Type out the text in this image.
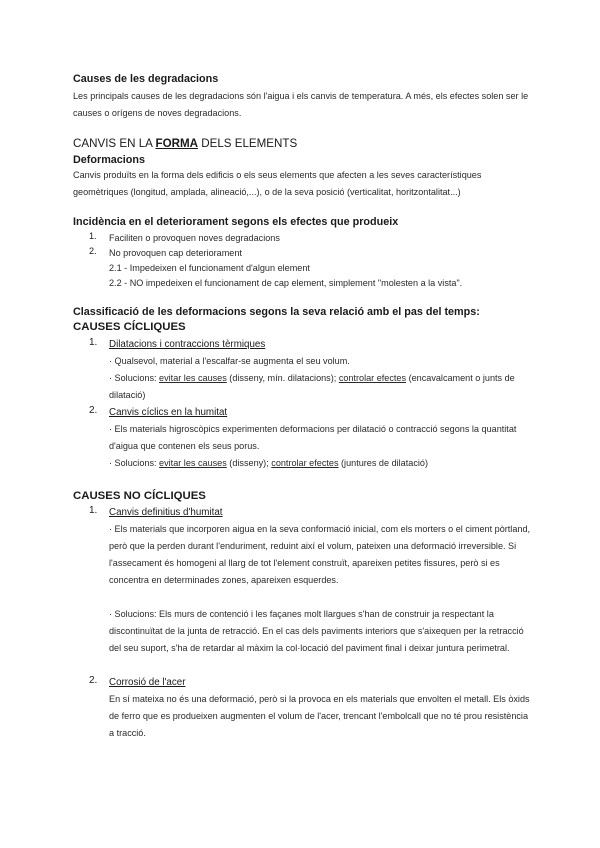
Causes de les degradacions
Les principals causes de les degradacions són l'aigua i els canvis de temperatura. A més, els efectes solen ser le causes o orígens de noves degradacions.
CANVIS EN LA FORMA DELS ELEMENTS
Deformacions
Canvis produïts en la forma dels edificis o els seus elements que afecten a les seves característiques geomètriques (longitud, amplada, alineació,...), o de la seva posició (verticalitat, horitzontalitat...)
Incidència en el deteriorament segons els efectes que produeix
1.	Faciliten o provoquen noves degradacions
2.	No provoquen cap deteriorament
2.1 - Impedeixen el funcionament d'algun element
2.2 - NO impedeixen el funcionament de cap element, simplement "molesten a la vista".
Classificació de les deformacions segons la seva relació amb el pas del temps:
CAUSES CÍCLIQUES
1.	Dilatacions i contraccions tèrmiques
· Qualsevol, material a l'escalfar-se augmenta el seu volum.
· Solucions: evitar les causes (disseny, mín. dilatacions); controlar efectes (encavalcament o junts de dilatació)
2.	Canvis cíclics en la humitat
· Els materials higroscòpics experimenten deformacions per dilatació o contracció segons la quantitat d'aigua que contenen els seus porus.
· Solucions: evitar les causes (disseny); controlar efectes (juntures de dilatació)
CAUSES NO CÍCLIQUES
1.	Canvis definitius d'humitat
· Els materials que incorporen aigua en la seva conformació inicial, com els morters o el ciment pòrtland, però que la perden durant l'enduriment, reduint així el volum, pateixen una deformació irreversible. Si l'assecament és homogeni al llarg de tot l'element construït, apareixen petites fissures, però si es concentra en determinades zones, apareixen esquerdes.
· Solucions: Els murs de contenció i les façanes molt llargues s'han de construir ja respectant la discontinuïtat de la junta de retracció. En el cas dels paviments interiors que s'aixequen per la retracció del seu suport, s'ha de retardar al màxim la col·locació del paviment final i deixar juntura perimetral.
2.	Corrosió de l'acer
En sí mateixa no és una deformació, però si la provoca en els materials que envolten el metall. Els òxids de ferro que es produeixen augmenten el volum de l'acer, trencant l'embolcall que no té prou resistència a tracció.
